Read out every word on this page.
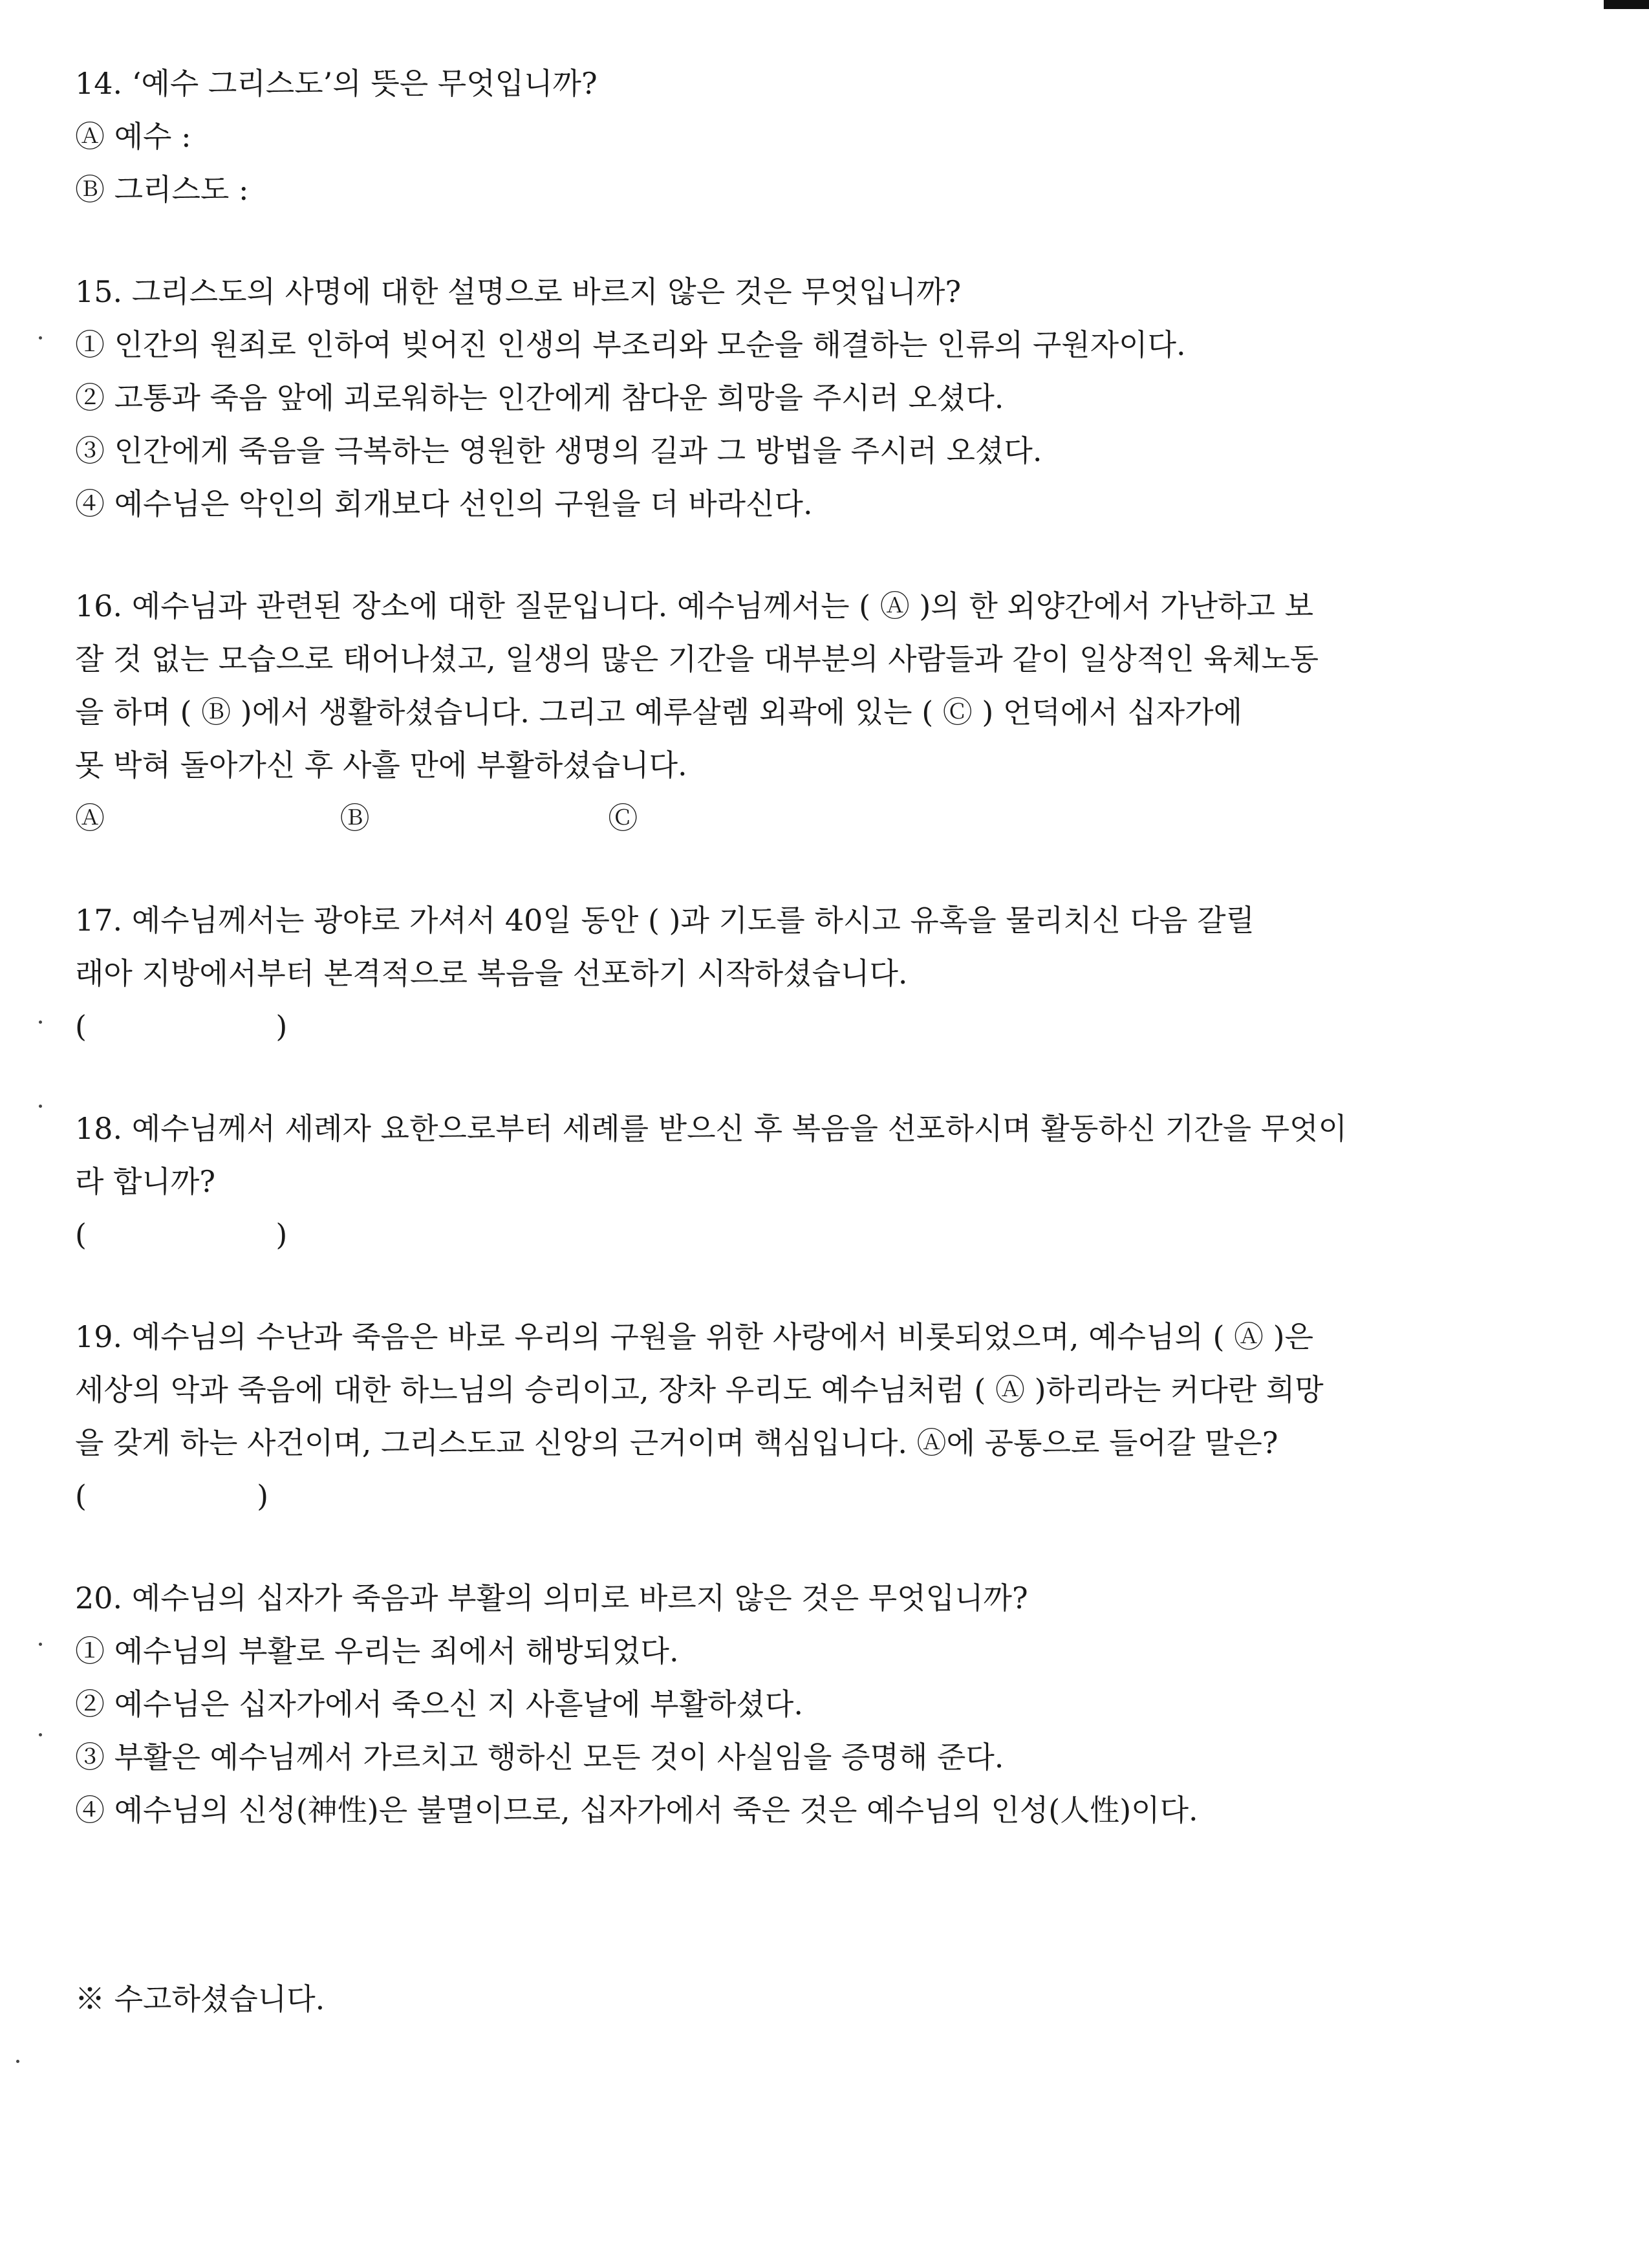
14. ‘예수 그리스도’의 뜻은 무엇입니까?
Ⓐ 예수 :
Ⓑ 그리스도 :
15. 그리스도의 사명에 대한 설명으로 바르지 않은 것은 무엇입니까?
① 인간의 원죄로 인하여 빚어진 인생의 부조리와 모순을 해결하는 인류의 구원자이다.
② 고통과 죽음 앞에 괴로워하는 인간에게 참다운 희망을 주시러 오셨다.
③ 인간에게 죽음을 극복하는 영원한 생명의 길과 그 방법을 주시러 오셨다.
④ 예수님은 악인의 회개보다 선인의 구원을 더 바라신다.
16. 예수님과 관련된 장소에 대한 질문입니다. 예수님께서는 ( Ⓐ )의 한 외양간에서 가난하고 보
잘 것 없는 모습으로 태어나셨고, 일생의 많은 기간을 대부분의 사람들과 같이 일상적인 육체노동
을 하며 ( Ⓑ )에서 생활하셨습니다. 그리고 예루살렘 외곽에 있는 ( Ⓒ ) 언덕에서 십자가에
못 박혀 돌아가신 후 사흘 만에 부활하셨습니다.
Ⓐ	Ⓑ	Ⓒ
17. 예수님께서는 광야로 가셔서 40일 동안 ( )과 기도를 하시고 유혹을 물리치신 다음 갈릴
래아 지방에서부터 본격적으로 복음을 선포하기 시작하셨습니다.
(                    )
18. 예수님께서 세례자 요한으로부터 세례를 받으신 후 복음을 선포하시며 활동하신 기간을 무엇이
라 합니까?
(                    )
19. 예수님의 수난과 죽음은 바로 우리의 구원을 위한 사랑에서 비롯되었으며, 예수님의 ( Ⓐ )은
세상의 악과 죽음에 대한 하느님의 승리이고, 장차 우리도 예수님처럼 ( Ⓐ )하리라는 커다란 희망
을 갖게 하는 사건이며, 그리스도교 신앙의 근거이며 핵심입니다. Ⓐ에 공통으로 들어갈 말은?
(                  )
20. 예수님의 십자가 죽음과 부활의 의미로 바르지 않은 것은 무엇입니까?
① 예수님의 부활로 우리는 죄에서 해방되었다.
② 예수님은 십자가에서 죽으신 지 사흗날에 부활하셨다.
③ 부활은 예수님께서 가르치고 행하신 모든 것이 사실임을 증명해 준다.
④ 예수님의 신성(神性)은 불멸이므로, 십자가에서 죽은 것은 예수님의 인성(人性)이다.
※ 수고하셨습니다.
